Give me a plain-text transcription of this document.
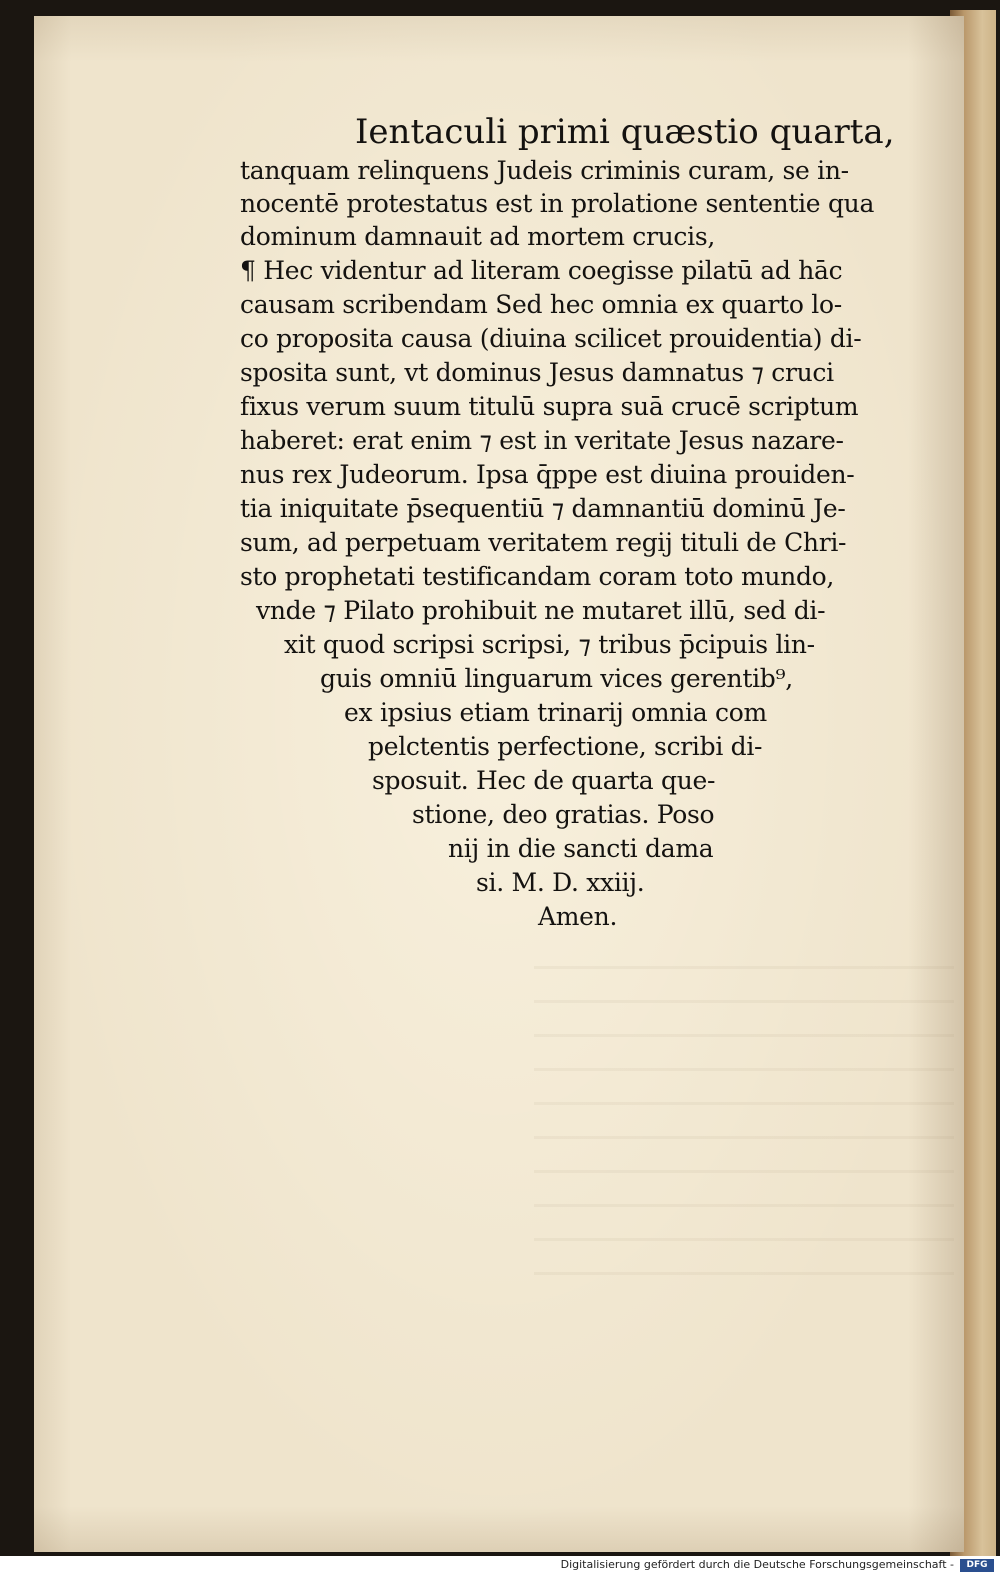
Ientaculi primi quæstio quarta,
tanquam relinquens Judeis criminis curam, se in-
nocentē protestatus est in prolatione sententie qua
dominum damnauit ad mortem crucis,
¶ Hec videntur ad literam coegisse pilatū ad hāc
causam scribendam Sed hec omnia ex quarto lo-
co proposita causa (diuina scilicet prouidentia) di-
sposita sunt, vt dominus Jesus damnatus ⁊ cruci
fixus verum suum titulū supra suā crucē scriptum
haberet: erat enim ⁊ est in veritate Jesus nazare-
nus rex Judeorum. Ipsa q̄ppe est diuina prouiden-
tia iniquitate p̄sequentiū ⁊ damnantiū dominū Je-
sum, ad perpetuam veritatem regij tituli de Chri-
sto prophetati testificandam coram toto mundo,
vnde ⁊ Pilato prohibuit ne mutaret illū, sed di-
xit quod scripsi scripsi, ⁊ tribus p̄cipuis lin-
guis omniū linguarum vices gerentib⁹,
ex ipsius etiam trinarij omnia com
pelctentis perfectione, scribi di-
sposuit. Hec de quarta que-
stione, deo gratias. Poso
nij in die sancti dama
si. M. D. xxiij.
Amen.
Digitalisierung gefördert durch die Deutsche Forschungsgemeinschaft -	DFG
